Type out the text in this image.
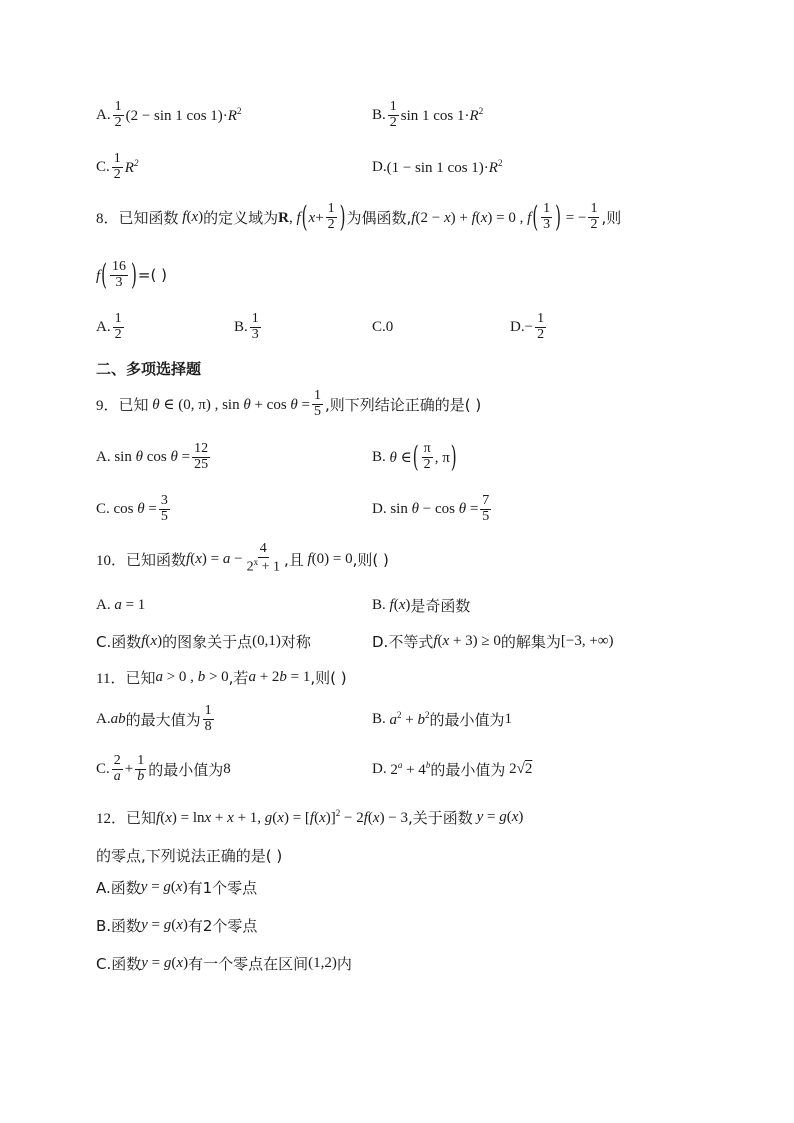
A. $\frac{1}{2} (2 - \sin 1$ $\cos 1)\cdot R^2$	B. $\frac{1}{2}$ sin 1 $\cos 1\cdot R^2$
C. $\frac{1}{2} R^2$	D. (1 − sin 1 $\cos 1)\cdot R^2$
8． 已知函数 f(x) 的定义域为 R, $f(x+ \frac{1}{2}$ ) 为偶函数, f(2 − x) + f(x) = 0 , $f( \frac{1}{3}$ ) = − $\frac{1}{2}$ ,则
$f( \frac{16}{3}$ ) =( )
A. $\frac{1}{2}$	B. $\frac{1}{3}$	C.0	D. − $\frac{1}{2}$
二、多项选择题
9． 已知 θ ∈ (0, π) , $\sin \theta + \cos \theta = \frac{1}{5}$ ,则下列结论正确的是( )
A. sin θ $\cos \theta = \frac{12}{25}$	B. θ ∈( $\frac{\pi}{2}$ , π)
C. $\cos \theta = \frac{3}{5}$	D. $\sin \theta - \cos \theta = \frac{7}{5}$
10． 已知函数 $f(x) = a - \frac{4}{2^x + 1}$ ,且 f(0) = 0 ,则( )
A. a = 1	B. f(x) 是奇函数
C.函数 f(x) 的图象关于点 (0,1) 对称	D.不等式 f(x + 3) ≥ 0 的解集为 [−3, +∞)
11． 已知 a > 0 , b > 0 ,若 a + 2b = 1 ,则( )
A. ab 的最大值为 $\frac{1}{8}$	B. $a^2 + b^2$ 的最小值为 1
C. $\frac{2}{a} + \frac{1}{b}$ 的最小值为 8	D. $2^a + 4^b$ 的最小值为 2√2
12． 已知 f(x) = lnx + x + 1, $g(x) = [f(x)]^2 - 2f(x) - 3$ ,关于函数 y = g(x)
的零点,下列说法正确的是( )
A.函数 y = g(x) 有1个零点
B.函数 y = g(x) 有2个零点
C.函数 y = g(x) 有一个零点在区间 (1,2) 内
